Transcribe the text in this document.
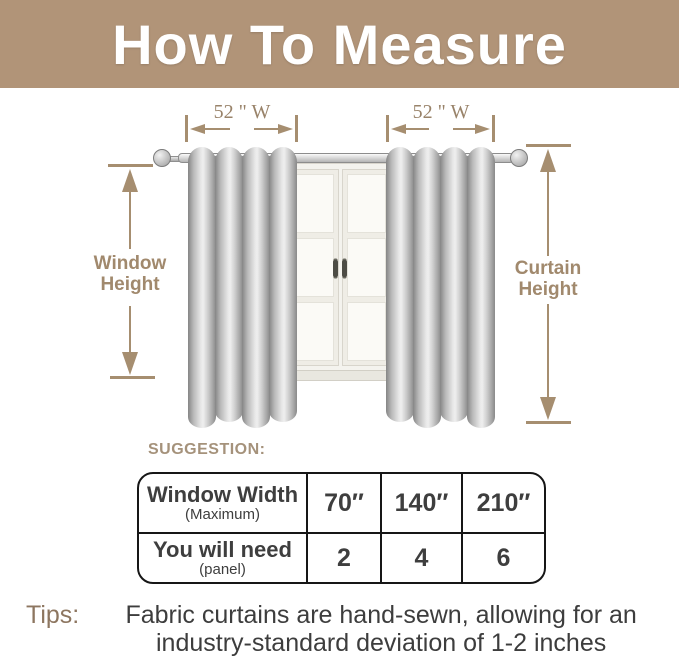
How To Measure
52 " W	52 " W
Window Height
Curtain Height
SUGGESTION:
Window Width
(Maximum)	70″	140″	210″
You will need
(panel)	2	4	6
Tips:	Fabric curtains are hand-sewn, allowing for an industry-standard deviation of 1-2 inches
